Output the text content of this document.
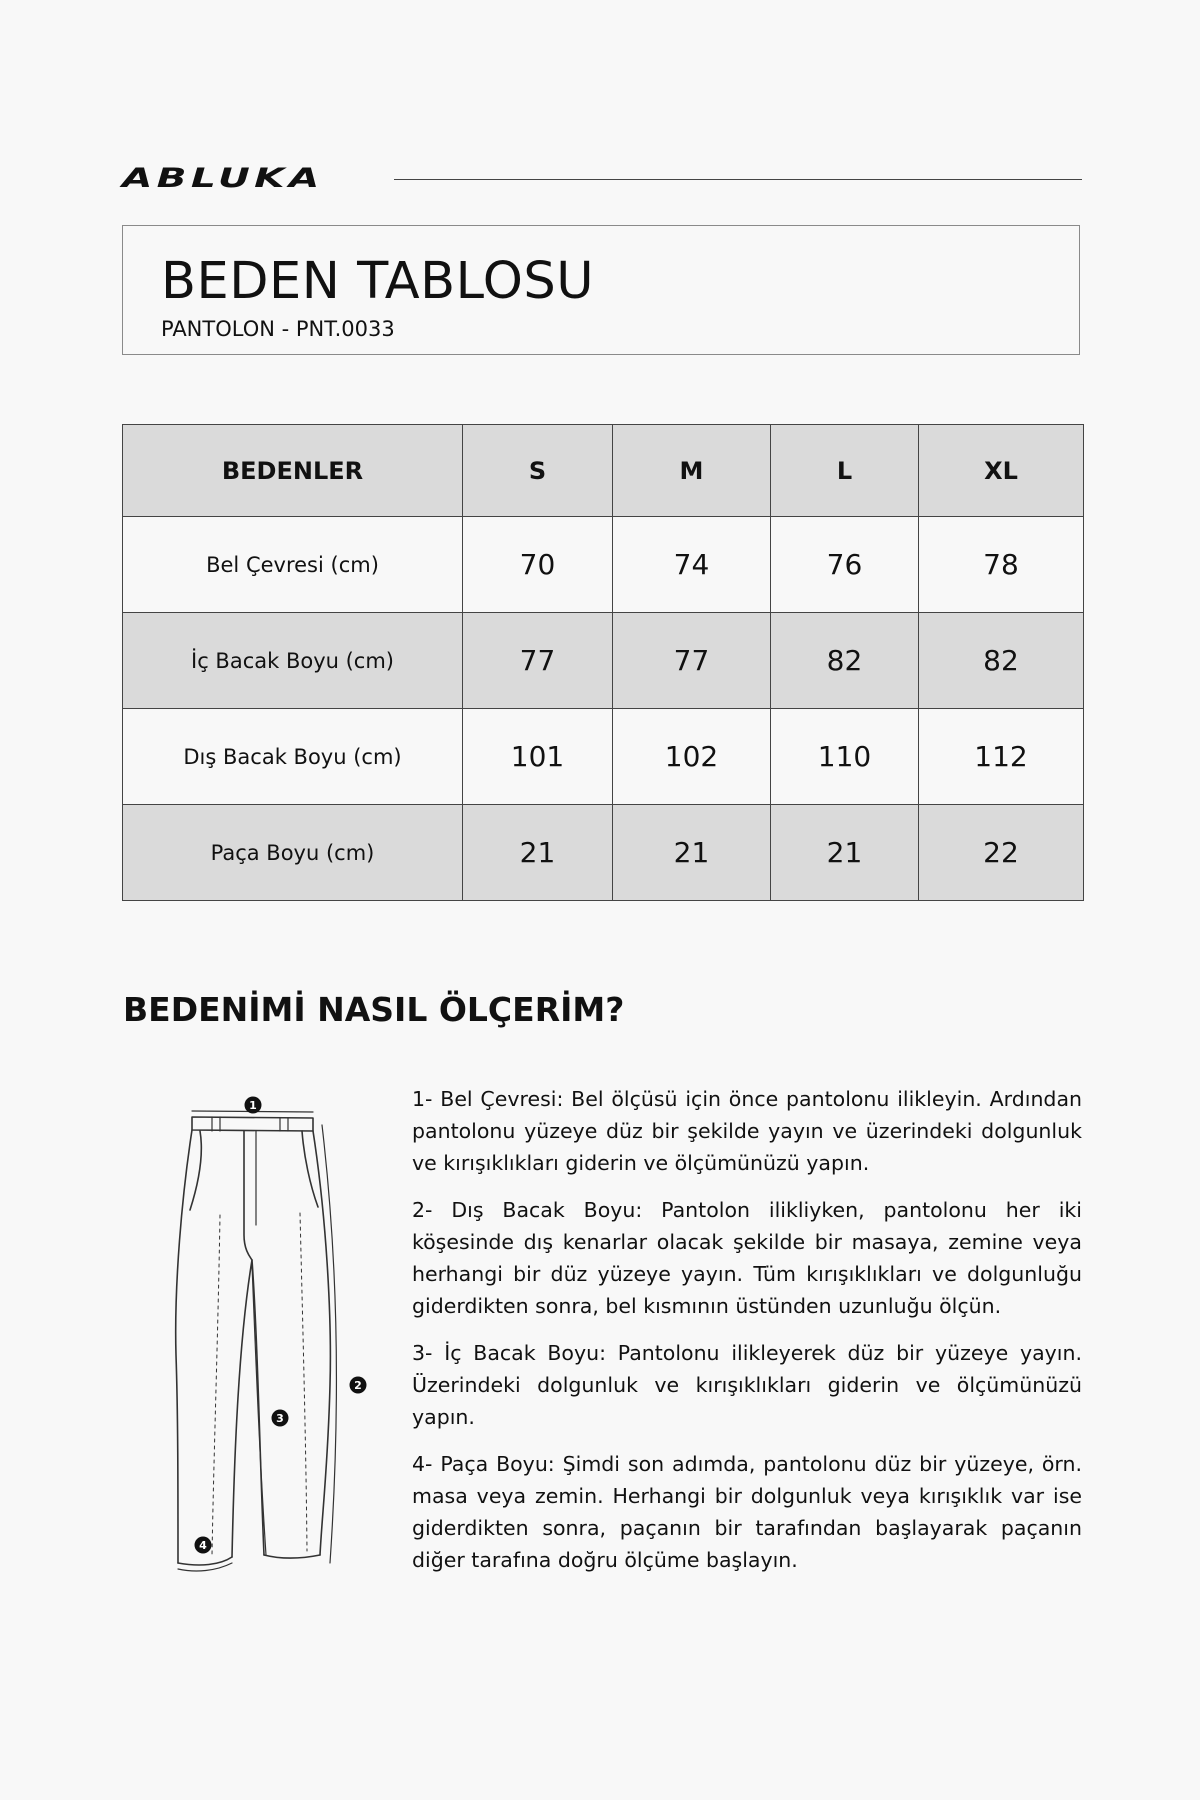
ABLUKA
BEDEN TABLOSU
PANTOLON - PNT.0033
BEDENLER	S	M	L	XL
Bel Çevresi (cm)	70	74	76	78
İç Bacak Boyu (cm)	77	77	82	82
Dış Bacak Boyu (cm)	101	102	110	112
Paça Boyu (cm)	21	21	21	22
BEDENİMİ NASIL ÖLÇERİM?
1
2
3
4

1- Bel Çevresi: Bel ölçüsü için önce pantolonu ilikleyin. Ardından pantolonu yüzeye düz bir şekilde yayın ve üzerindeki dolgunluk ve kırışıklıkları giderin ve ölçümünüzü yapın.

2- Dış Bacak Boyu: Pantolon ilikliyken, pantolonu her iki köşesinde dış kenarlar olacak şekilde bir masaya, zemine veya herhangi bir düz yüzeye yayın. Tüm kırışıklıkları ve dolgunluğu giderdikten sonra, bel kısmının üstünden uzunluğu ölçün.

3- İç Bacak Boyu: Pantolonu ilikleyerek düz bir yüzeye yayın. Üzerindeki dolgunluk ve kırışıklıkları giderin ve ölçümünüzü yapın.

4- Paça Boyu: Şimdi son adımda, pantolonu düz bir yüzeye, örn. masa veya zemin. Herhangi bir dolgunluk veya kırışıklık var ise giderdikten sonra, paçanın bir tarafından başlayarak paçanın diğer tarafına doğru ölçüme başlayın.
